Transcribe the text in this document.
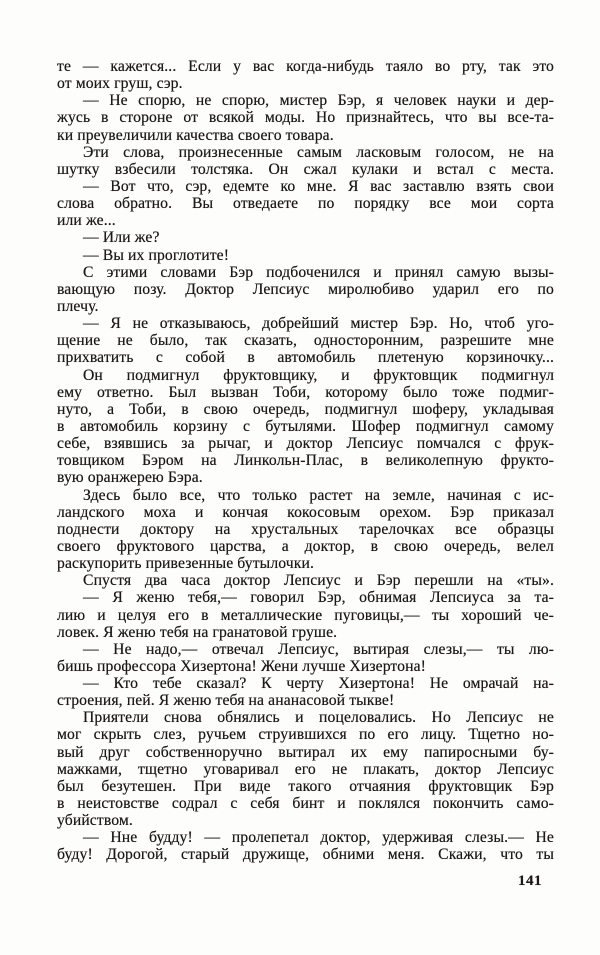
те — кажется... Если у вас когда-нибудь таяло во рту, так это
от моих груш, сэр.
— Не спорю, не спорю, мистер Бэр, я человек науки и дер-
жусь в стороне от всякой моды. Но признайтесь, что вы все-та-
ки преувеличили качества своего товара.
Эти слова, произнесенные самым ласковым голосом, не на
шутку взбесили толстяка. Он сжал кулаки и встал с места.
— Вот что, сэр, едемте ко мне. Я вас заставлю взять свои
слова обратно. Вы отведаете по порядку все мои сорта
или же...
— Или же?
— Вы их проглотите!
С этими словами Бэр подбоченился и принял самую вызы-
вающую позу. Доктор Лепсиус миролюбиво ударил его по
плечу.
— Я не отказываюсь, добрейший мистер Бэр. Но, чтоб уго-
щение не было, так сказать, односторонним, разрешите мне
прихватить с собой в автомобиль плетеную корзиночку...
Он подмигнул фруктовщику, и фруктовщик подмигнул
ему ответно. Был вызван Тоби, которому было тоже подмиг-
нуто, а Тоби, в свою очередь, подмигнул шоферу, укладывая
в автомобиль корзину с бутылями. Шофер подмигнул самому
себе, взявшись за рычаг, и доктор Лепсиус помчался с фрук-
товщиком Бэром на Линкольн-Плас, в великолепную фрукто-
вую оранжерею Бэра.
Здесь было все, что только растет на земле, начиная с ис-
ландского моха и кончая кокосовым орехом. Бэр приказал
поднести доктору на хрустальных тарелочках все образцы
своего фруктового царства, а доктор, в свою очередь, велел
раскупорить привезенные бутылочки.
Спустя два часа доктор Лепсиус и Бэр перешли на «ты».
— Я женю тебя,— говорил Бэр, обнимая Лепсиуса за та-
лию и целуя его в металлические пуговицы,— ты хороший че-
ловек. Я женю тебя на гранатовой груше.
— Не надо,— отвечал Лепсиус, вытирая слезы,— ты лю-
бишь профессора Хизертона! Жени лучше Хизертона!
— Кто тебе сказал? К черту Хизертона! Не омрачай на-
строения, пей. Я женю тебя на ананасовой тыкве!
Приятели снова обнялись и поцеловались. Но Лепсиус не
мог скрыть слез, ручьем струившихся по его лицу. Тщетно но-
вый друг собственноручно вытирал их ему папиросными бу-
мажками, тщетно уговаривал его не плакать, доктор Лепсиус
был безутешен. При виде такого отчаяния фруктовщик Бэр
в неистовстве содрал с себя бинт и поклялся покончить само-
убийством.
— Нне будду! — пролепетал доктор, удерживая слезы.— Не
буду! Дорогой, старый дружище, обними меня. Скажи, что ты
141
